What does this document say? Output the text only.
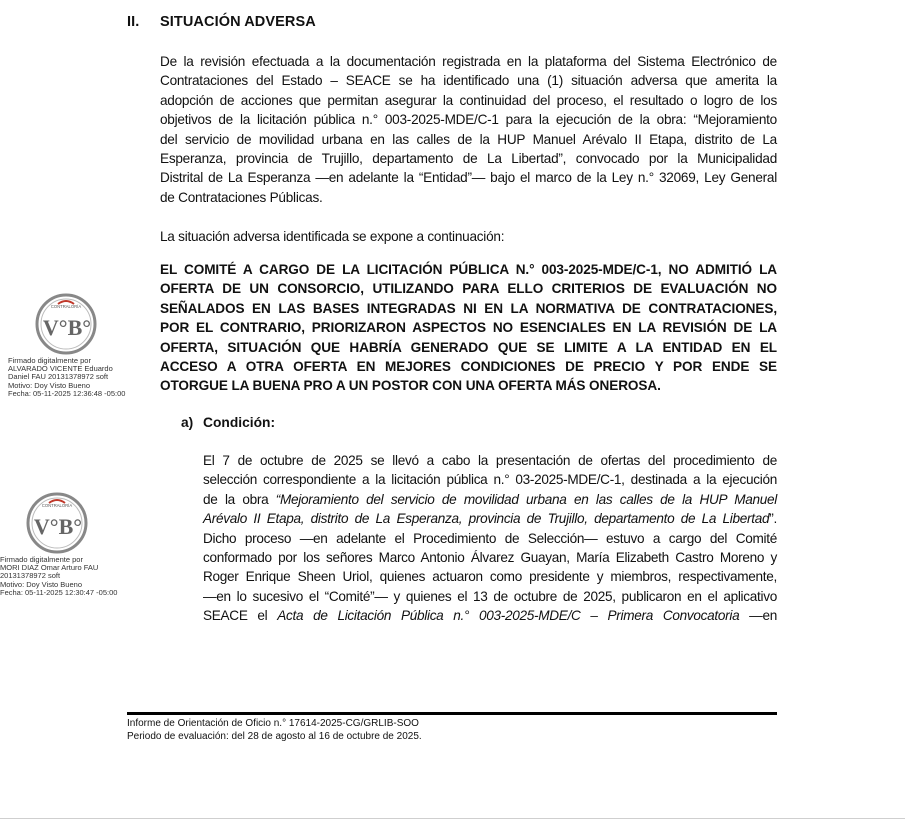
II. SITUACIÓN ADVERSA

De la revisión efectuada a la documentación registrada en la plataforma del Sistema Electrónico de
Contrataciones del Estado – SEACE se ha identificado una (1) situación adversa que amerita la
adopción de acciones que permitan asegurar la continuidad del proceso, el resultado o logro de los
objetivos de la licitación pública n.° 003-2025-MDE/C-1 para la ejecución de la obra: “Mejoramiento
del servicio de movilidad urbana en las calles de la HUP Manuel Arévalo II Etapa, distrito de La
Esperanza, provincia de Trujillo, departamento de La Libertad”, convocado por la Municipalidad
Distrital de La Esperanza —en adelante la “Entidad”— bajo el marco de la Ley n.° 32069, Ley General
de Contrataciones Públicas.

La situación adversa identificada se expone a continuación:

EL COMITÉ A CARGO DE LA LICITACIÓN PÚBLICA N.° 003-2025-MDE/C-1, NO ADMITIÓ LA
OFERTA DE UN CONSORCIO, UTILIZANDO PARA ELLO CRITERIOS DE EVALUACIÓN NO
SEÑALADOS EN LAS BASES INTEGRADAS NI EN LA NORMATIVA DE CONTRATACIONES,
POR EL CONTRARIO, PRIORIZARON ASPECTOS NO ESENCIALES EN LA REVISIÓN DE LA
OFERTA, SITUACIÓN QUE HABRÍA GENERADO QUE SE LIMITE A LA ENTIDAD EN EL
ACCESO A OTRA OFERTA EN MEJORES CONDICIONES DE PRECIO Y POR ENDE SE
OTORGUE LA BUENA PRO A UN POSTOR CON UNA OFERTA MÁS ONEROSA.

a) Condición:

El 7 de octubre de 2025 se llevó a cabo la presentación de ofertas del procedimiento de
selección correspondiente a la licitación pública n.° 03-2025-MDE/C-1, destinada a la ejecución
de la obra “Mejoramiento del servicio de movilidad urbana en las calles de la HUP Manuel
Arévalo II Etapa, distrito de La Esperanza, provincia de Trujillo, departamento de La Libertad”.
Dicho proceso —en adelante el Procedimiento de Selección— estuvo a cargo del Comité
conformado por los señores Marco Antonio Álvarez Guayan, María Elizabeth Castro Moreno y
Roger Enrique Sheen Uriol, quienes actuaron como presidente y miembros, respectivamente,
—en lo sucesivo el “Comité”— y quienes el 13 de octubre de 2025, publicaron en el aplicativo
SEACE el Acta de Licitación Pública n.° 003-2025-MDE/C – Primera Convocatoria —en

CONTRALORÍA
V°B°
Firmado digitalmente por
ALVARADO VICENTE Eduardo
Daniel FAU 20131378972 soft
Motivo: Doy Visto Bueno
Fecha: 05-11-2025 12:36:48 -05:00
CONTRALORÍA
V°B°
Firmado digitalmente por
MORI DIAZ Omar Arturo FAU
20131378972 soft
Motivo: Doy Visto Bueno
Fecha: 05-11-2025 12:30:47 -05:00
Informe de Orientación de Oficio n.° 17614-2025-CG/GRLIB-SOO
Periodo de evaluación: del 28 de agosto al 16 de octubre de 2025.
